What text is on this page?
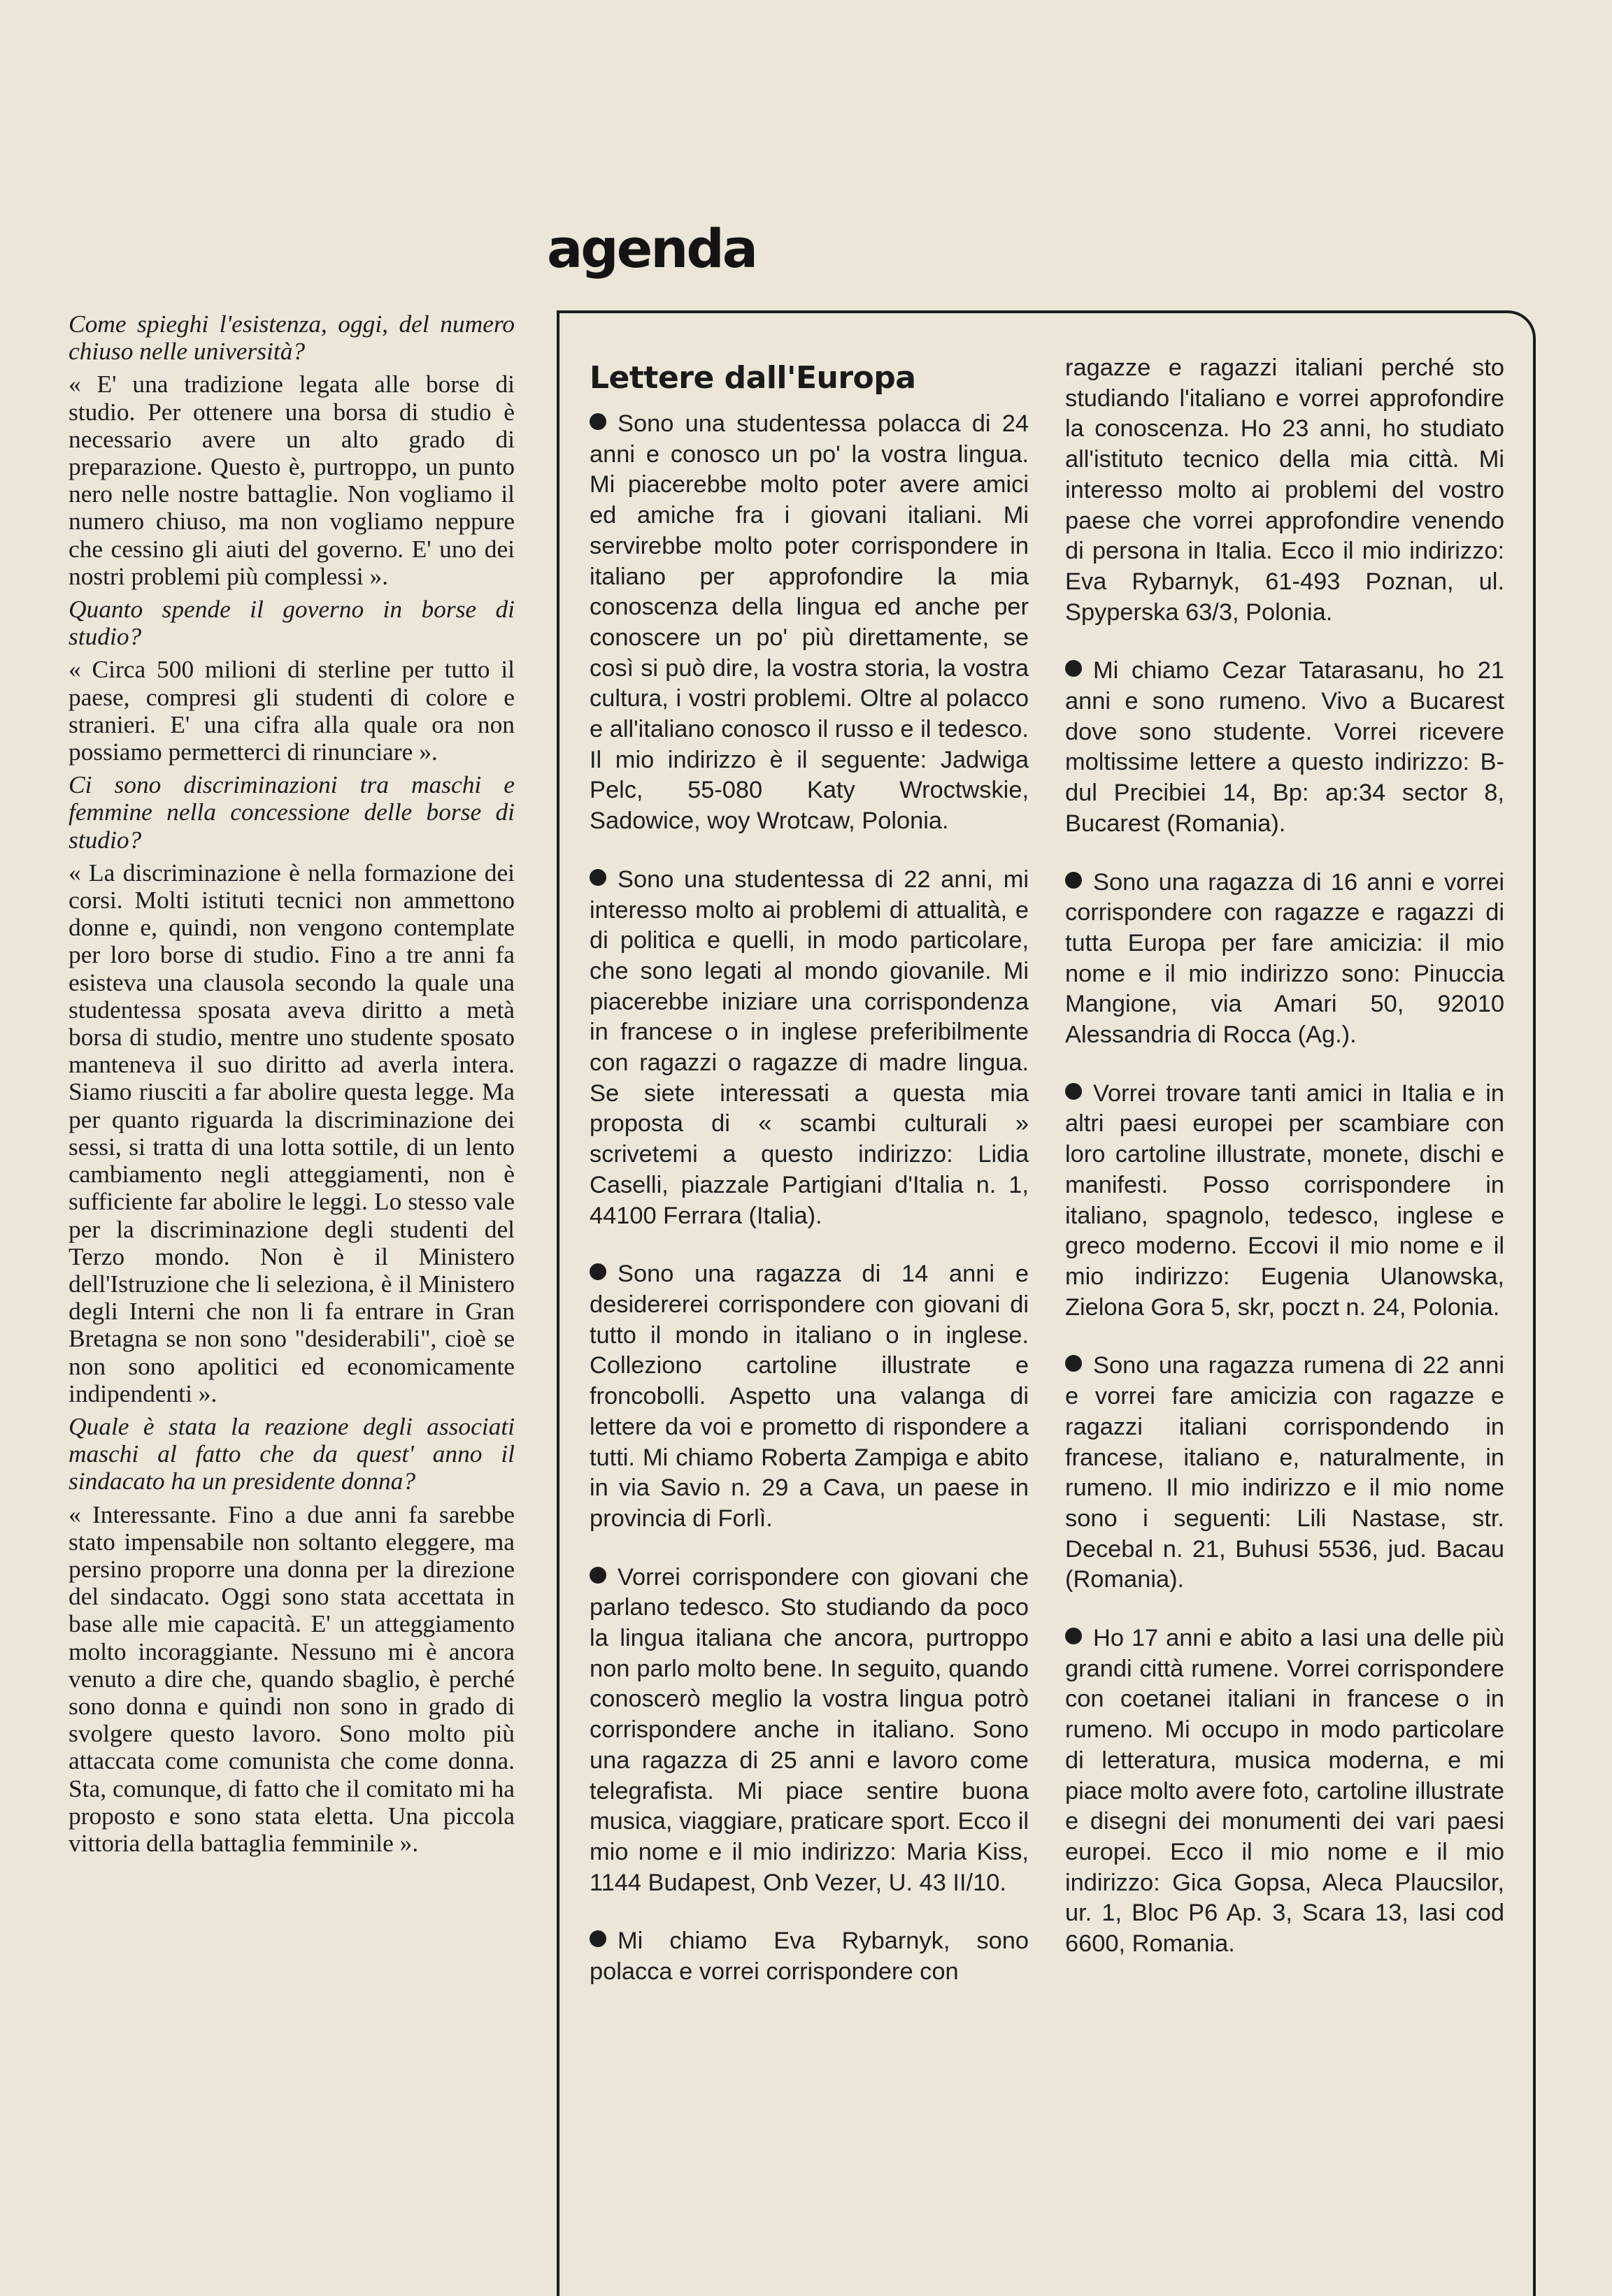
agenda

Come spieghi l'esistenza, oggi, del numero chiuso nelle università?

« E' una tradizione legata alle borse di studio. Per ottenere una borsa di studio è necessario avere un alto grado di preparazione. Questo è, purtroppo, un punto nero nelle nostre battaglie. Non vogliamo il numero chiuso, ma non vogliamo neppure che cessino gli aiuti del governo. E' uno dei nostri problemi più complessi ».

Quanto spende il governo in borse di studio?

« Circa 500 milioni di sterline per tutto il paese, compresi gli studenti di colore e stranieri. E' una cifra alla quale ora non possiamo permetterci di rinunciare ».

Ci sono discriminazioni tra maschi e femmine nella concessione delle borse di studio?

« La discriminazione è nella formazione dei corsi. Molti istituti tecnici non ammettono donne e, quindi, non vengono contemplate per loro borse di studio. Fino a tre anni fa esisteva una clausola secondo la quale una studentessa sposata aveva diritto a metà borsa di studio, mentre uno studente sposato manteneva il suo diritto ad averla intera. Siamo riusciti a far abolire questa legge. Ma per quanto riguarda la discriminazione dei sessi, si tratta di una lotta sottile, di un lento cambiamento negli atteggiamenti, non è sufficiente far abolire le leggi. Lo stesso vale per la discriminazione degli studenti del Terzo mondo. Non è il Ministero dell'Istruzione che li seleziona, è il Ministero degli Interni che non li fa entrare in Gran Bretagna se non sono "desiderabili", cioè se non sono apolitici ed economicamente indipendenti ».

Quale è stata la reazione degli associati maschi al fatto che da quest' anno il sindacato ha un presidente donna?

« Interessante. Fino a due anni fa sarebbe stato impensabile non soltanto eleggere, ma persino proporre una donna per la direzione del sindacato. Oggi sono stata accettata in base alle mie capacità. E' un atteggiamento molto incoraggiante. Nessuno mi è ancora venuto a dire che, quando sbaglio, è perché sono donna e quindi non sono in grado di svolgere questo lavoro. Sono molto più attaccata come comunista che come donna. Sta, comunque, di fatto che il comitato mi ha proposto e sono stata eletta. Una piccola vittoria della battaglia femminile ».

Lettere dall'Europa

Sono una studentessa polacca di 24 anni e conosco un po' la vostra lingua. Mi piacerebbe molto poter avere amici ed amiche fra i giovani italiani. Mi servirebbe molto poter corrispondere in italiano per approfondire la mia conoscenza della lingua ed anche per conoscere un po' più direttamente, se così si può dire, la vostra storia, la vostra cultura, i vostri problemi. Oltre al polacco e all'italiano conosco il russo e il tedesco. Il mio indirizzo è il seguente: Jadwiga Pelc, 55-080 Katy Wroctwskie, Sadowice, woy Wrotcaw, Polonia.

Sono una studentessa di 22 anni, mi interesso molto ai problemi di attualità, e di politica e quelli, in modo particolare, che sono legati al mondo giovanile. Mi piacerebbe iniziare una corrispondenza in francese o in inglese preferibilmente con ragazzi o ragazze di madre lingua. Se siete interessati a questa mia proposta di « scambi culturali » scrivetemi a questo indirizzo: Lidia Caselli, piazzale Partigiani d'Italia n. 1, 44100 Ferrara (Italia).

Sono una ragazza di 14 anni e desidererei corrispondere con giovani di tutto il mondo in italiano o in inglese. Colleziono cartoline illustrate e froncobolli. Aspetto una valanga di lettere da voi e prometto di rispondere a tutti. Mi chiamo Roberta Zampiga e abito in via Savio n. 29 a Cava, un paese in provincia di Forlì.

Vorrei corrispondere con giovani che parlano tedesco. Sto studiando da poco la lingua italiana che ancora, purtroppo non parlo molto bene. In seguito, quando conoscerò meglio la vostra lingua potrò corrispondere anche in italiano. Sono una ragazza di 25 anni e lavoro come telegrafista. Mi piace sentire buona musica, viaggiare, praticare sport. Ecco il mio nome e il mio indirizzo: Maria Kiss, 1144 Budapest, Onb Vezer, U. 43 II/10.

Mi chiamo Eva Rybarnyk, sono polacca e vorrei corrispondere con

ragazze e ragazzi italiani perché sto studiando l'italiano e vorrei approfondire la conoscenza. Ho 23 anni, ho studiato all'istituto tecnico della mia città. Mi interesso molto ai problemi del vostro paese che vorrei approfondire venendo di persona in Italia. Ecco il mio indirizzo: Eva Rybarnyk, 61-493 Poznan, ul. Spyperska 63/3, Polonia.

Mi chiamo Cezar Tatarasanu, ho 21 anni e sono rumeno. Vivo a Bucarest dove sono studente. Vorrei ricevere moltissime lettere a questo indirizzo: B-dul Precibiei 14, Bp: ap:34 sector 8, Bucarest (Romania).

Sono una ragazza di 16 anni e vorrei corrispondere con ragazze e ragazzi di tutta Europa per fare amicizia: il mio nome e il mio indirizzo sono: Pinuccia Mangione, via Amari 50, 92010 Alessandria di Rocca (Ag.).

Vorrei trovare tanti amici in Italia e in altri paesi europei per scambiare con loro cartoline illustrate, monete, dischi e manifesti. Posso corrispondere in italiano, spagnolo, tedesco, inglese e greco moderno. Eccovi il mio nome e il mio indirizzo: Eugenia Ulanowska, Zielona Gora 5, skr, poczt n. 24, Polonia.

Sono una ragazza rumena di 22 anni e vorrei fare amicizia con ragazze e ragazzi italiani corrispondendo in francese, italiano e, naturalmente, in rumeno. Il mio indirizzo e il mio nome sono i seguenti: Lili Nastase, str. Decebal n. 21, Buhusi 5536, jud. Bacau (Romania).

Ho 17 anni e abito a Iasi una delle più grandi città rumene. Vorrei corrispondere con coetanei italiani in francese o in rumeno. Mi occupo in modo particolare di letteratura, musica moderna, e mi piace molto avere foto, cartoline illustrate e disegni dei monumenti dei vari paesi europei. Ecco il mio nome e il mio indirizzo: Gica Gopsa, Aleca Plaucsilor, ur. 1, Bloc P6 Ap. 3, Scara 13, Iasi cod 6600, Romania.
